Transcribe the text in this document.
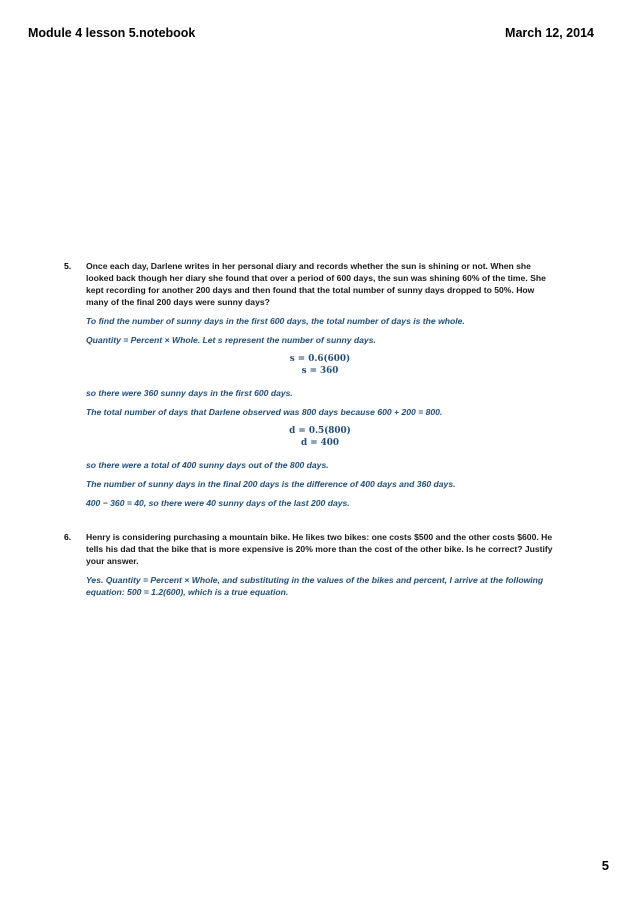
Module 4 lesson 5.notebook	March 12, 2014
5. Once each day, Darlene writes in her personal diary and records whether the sun is shining or not. When she looked back though her diary she found that over a period of 600 days, the sun was shining 60% of the time. She kept recording for another 200 days and then found that the total number of sunny days dropped to 50%. How many of the final 200 days were sunny days?
To find the number of sunny days in the first 600 days, the total number of days is the whole.
Quantity = Percent × Whole. Let s represent the number of sunny days.
s = 0.6(600)
s = 360
so there were 360 sunny days in the first 600 days.
The total number of days that Darlene observed was 800 days because 600 + 200 = 800.
d = 0.5(800)
d = 400
so there were a total of 400 sunny days out of the 800 days.
The number of sunny days in the final 200 days is the difference of 400 days and 360 days.
400 − 360 = 40, so there were 40 sunny days of the last 200 days.
6. Henry is considering purchasing a mountain bike. He likes two bikes: one costs $500 and the other costs $600. He tells his dad that the bike that is more expensive is 20% more than the cost of the other bike. Is he correct? Justify your answer.
Yes. Quantity = Percent × Whole, and substituting in the values of the bikes and percent, I arrive at the following equation: 500 = 1.2(600), which is a true equation.
5
